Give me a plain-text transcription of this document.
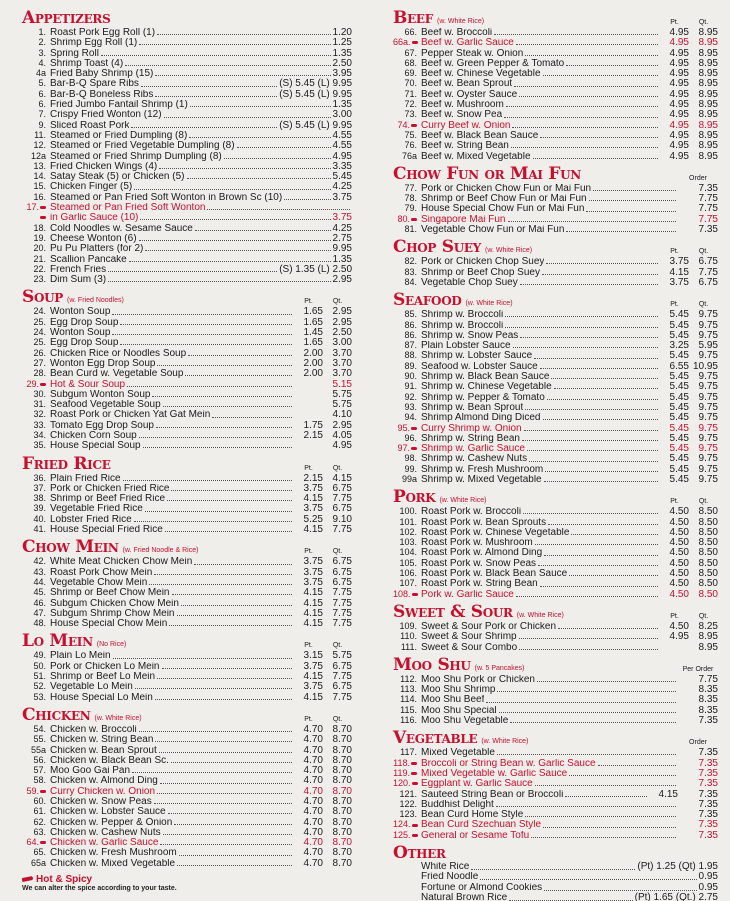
Appetizers
1. Roast Pork Egg Roll (1)	1.20
2. Shrimp Egg Roll (1)	1.25
3. Spring Roll	1.35
4. Shrimp Toast (4)	2.50
4a Fried Baby Shrimp (15)	3.95
5. Bar-B-Q Spare Ribs	(S) 5.45 (L) 9.95
6. Bar-B-Q Boneless Ribs	(S) 5.45 (L) 9.95
6. Fried Jumbo Fantail Shrimp (1)	1.35
7. Crispy Fried Wonton (12)	3.00
9. Sliced Roast Pork	(S) 5.45 (L) 9.95
11. Steamed or Fried Dumpling (8)	4.55
12. Steamed or Fried Vegetable Dumpling (8)	4.55
12a Steamed or Fried Shrimp Dumpling (8)	4.95
13. Fried Chicken Wings (4)	3.35
14. Satay Steak (5) or Chicken (5)	5.45
15. Chicken Finger (5)	4.25
16. Steamed or Pan Fried Soft Wonton in Brown Sc (10)	3.75
17.	Steamed or Pan Fried Soft Wonton
in Garlic Sauce (10)	3.75
18. Cold Noodles w. Sesame Sauce	4.25
19. Cheese Wonton (6)	2.75
20. Pu Pu Platters (for 2)	9.95
21. Scallion Pancake	1.35
22. French Fries	(S) 1.35 (L) 2.50
23. Dim Sum (3)	2.95
Soup (w. Fried Noodles)	Pt.	Qt.
24. Wonton Soup	1.65 2.95
25. Egg Drop Soup	1.65 2.95
24. Wonton Soup	1.45 2.50
25. Egg Drop Soup	1.65 3.00
26. Chicken Rice or Noodles Soup	2.00 3.70
27. Wonton Egg Drop Soup	2.00 3.70
28. Bean Curd w. Vegetable Soup	2.00 3.70
29.	Hot & Sour Soup	5.15
30. Subgum Wonton Soup	5.75
31. Seafood Vegetable Soup	5.75
32. Roast Pork or Chicken Yat Gat Mein	4.10
33. Tomato Egg Drop Soup	1.75 2.95
34. Chicken Corn Soup	2.15 4.05
35. House Special Soup	4.95
Fried Rice	Pt.	Qt.
36. Plain Fried Rice	2.15 4.15
37. Pork or Chicken Fried Rice	3.75 6.75
38. Shrimp or Beef Fried Rice	4.15 7.75
39. Vegetable Fried Rice	3.75 6.75
40. Lobster Fried Rice	5.25 9.10
41. House Special Fried Rice	4.15 7.75
Chow Mein (w. Fried Noodle & Rice)	Pt.	Qt.
42. White Meat Chicken Chow Mein	3.75 6.75
43. Roast Pork Chow Mein	3.75 6.75
44. Vegetable Chow Mein	3.75 6.75
45. Shrimp or Beef Chow Mein	4.15 7.75
46. Subgum Chicken Chow Mein	4.15 7.75
47. Subgum Shrimp Chow Mein	4.15 7.75
48. House Special Chow Mein	4.15 7.75
Lo Mein (No Rice)	Pt.	Qt.
49. Plain Lo Mein	3.15 5.75
50. Pork or Chicken Lo Mein	3.75 6.75
51. Shrimp or Beef Lo Mein	4.15 7.75
52. Vegetable Lo Mein	3.75 6.75
53. House Special Lo Mein	4.15 7.75
Chicken (w. White Rice)	Pt.	Qt.
54. Chicken w. Broccoli	4.70 8.70
55. Chicken w. String Bean	4.70 8.70
55a Chicken w. Bean Sprout	4.70 8.70
56. Chicken w. Black Bean Sc.	4.70 8.70
57. Moo Goo Gai Pan	4.70 8.70
58. Chicken w. Almond Ding	4.70 8.70
59.	Curry Chicken w. Onion	4.70 8.70
60. Chicken w. Snow Peas	4.70 8.70
61. Chicken w. Lobster Sauce	4.70 8.70
62. Chicken w. Pepper & Onion	4.70 8.70
63. Chicken w. Cashew Nuts	4.70 8.70
64.	Chicken w. Garlic Sauce	4.70 8.70
65. Chicken w. Fresh Mushroom	4.70 8.70
65a Chicken w. Mixed Vegetable	4.70 8.70
Hot & Spicy
We can alter the spice according to your taste.
Beef (w. White Rice)	Pt.	Qt.
66. Beef w. Broccoli	4.95 8.95
66a.	Beef w. Garlic Sauce	4.95 8.95
67. Pepper Steak w. Onion	4.95 8.95
68. Beef w. Green Pepper & Tomato	4.95 8.95
69. Beef w. Chinese Vegetable	4.95 8.95
70. Beef w. Bean Sprout	4.95 8.95
71. Beef w. Oyster Sauce	4.95 8.95
72. Beef w. Mushroom	4.95 8.95
73. Beef w. Snow Pea	4.95 8.95
74.	Curry Beef w. Onion	4.95 8.95
75. Beef w. Black Bean Sauce	4.95 8.95
76. Beef w. String Bean	4.95 8.95
76a Beef w. Mixed Vegetable	4.95 8.95
Chow Fun or Mai Fun	Order
77. Pork or Chicken Chow Fun or Mai Fun	7.35
78. Shrimp or Beef Chow Fun or Mai Fun	7.75
79. House Special Chow Fun or Mai Fun	7.75
80.	Singapore Mai Fun	7.75
81. Vegetable Chow Fun or Mai Fun	7.35
Chop Suey (w. White Rice)	Pt.	Qt.
82. Pork or Chicken Chop Suey	3.75 6.75
83. Shrimp or Beef Chop Suey	4.15 7.75
84. Vegetable Chop Suey	3.75 6.75
Seafood (w. White Rice)	Pt.	Qt.
85. Shrimp w. Broccoli	5.45 9.75
86. Shrimp w. Broccoli	5.45 9.75
86. Shrimp w. Snow Peas	5.45 9.75
87. Plain Lobster Sauce	3.25 5.95
88. Shrimp w. Lobster Sauce	5.45 9.75
89. Seafood w. Lobster Sauce	6.55 10.95
90. Shrimp w. Black Bean Sauce	5.45 9.75
91. Shrimp w. Chinese Vegetable	5.45 9.75
92. Shrimp w. Pepper & Tomato	5.45 9.75
93. Shrimp w. Bean Sprout	5.45 9.75
94. Shrimp Almond Ding Diced	5.45 9.75
95.	Curry Shrimp w. Onion	5.45 9.75
96. Shrimp w. String Bean	5.45 9.75
97.	Shrimp w. Garlic Sauce	5.45 9.75
98. Shrimp w. Cashew Nuts	5.45 9.75
99. Shrimp w. Fresh Mushroom	5.45 9.75
99a Shrimp w. Mixed Vegetable	5.45 9.75
Pork (w. White Rice)	Pt.	Qt.
100. Roast Pork w. Broccoli	4.50 8.50
101. Roast Pork w. Bean Sprouts	4.50 8.50
102. Roast Pork w. Chinese Vegetable	4.50 8.50
103. Roast Pork w. Mushroom	4.50 8.50
104. Roast Pork w. Almond Ding	4.50 8.50
105. Roast Pork w. Snow Peas	4.50 8.50
106. Roast Pork w. Black Bean Sauce	4.50 8.50
107. Roast Pork w. String Bean	4.50 8.50
108.	Pork w. Garlic Sauce	4.50 8.50
Sweet & Sour (w. White Rice)	Pt.	Qt.
109. Sweet & Sour Pork or Chicken	4.50 8.25
110. Sweet & Sour Shrimp	4.95 8.95
111. Sweet & Sour Combo	8.95
Moo Shu (w. 5 Pancakes)	Per Order
112. Moo Shu Pork or Chicken	7.75
113. Moo Shu Shrimp	8.35
114. Moo Shu Beef	8.35
115. Moo Shu Special	8.35
116. Moo Shu Vegetable	7.35
Vegetable (w. White Rice)	Order
117. Mixed Vegetable	7.35
118.	Broccoli or String Bean w. Garlic Sauce	7.35
119.	Mixed Vegetable w. Garlic Sauce	7.35
120.	Eggplant w. Garlic Sauce	7.35
121. Sauteed String Bean or Broccoli	4.15	7.35
122. Buddhist Delight	7.35
123. Bean Curd Home Style	7.35
124.	Bean Curd Szechuan Style	7.35
125.	General or Sesame Tofu	7.35
Other
White Rice	(Pt) 1.25 (Qt) 1.95
Fried Noodle	0.95
Fortune or Almond Cookies	0.95
Natural Brown Rice	(Pt) 1.65 (Qt.) 2.75
